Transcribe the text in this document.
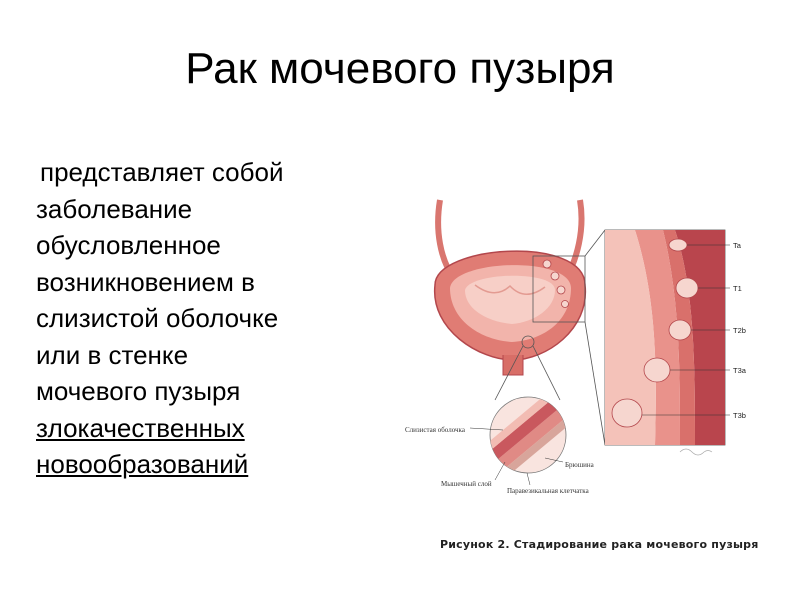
Рак мочевого пузыря
представляет собой
заболевание
обусловленное
возникновением в
слизистой оболочке
или в стенке
мочевого пузыря
злокачественных
новообразований
Ta
T1
T2b
T3a
T3b
Слизистая оболочка
Мышечный слой
Брюшина
Паравезикальная клетчатка
Рисунок 2. Стадирование рака мочевого пузыря
